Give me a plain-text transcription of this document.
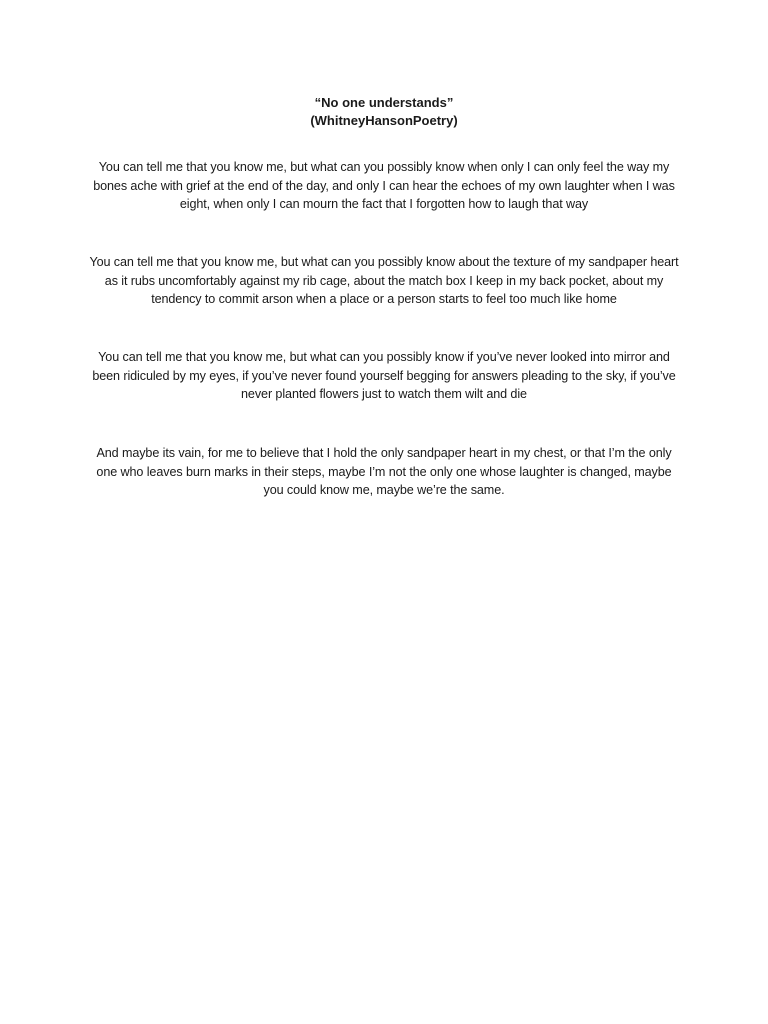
“No one understands”

(WhitneyHansonPoetry)

You can tell me that you know me, but what can you possibly know when only I can only feel the way my bones ache with grief at the end of the day, and only I can hear the echoes of my own laughter when I was eight, when only I can mourn the fact that I forgotten how to laugh that way

You can tell me that you know me, but what can you possibly know about the texture of my sandpaper heart as it rubs uncomfortably against my rib cage, about the match box I keep in my back pocket, about my tendency to commit arson when a place or a person starts to feel too much like home

You can tell me that you know me, but what can you possibly know if you’ve never looked into mirror and been ridiculed by my eyes, if you’ve never found yourself begging for answers pleading to the sky, if you’ve never planted flowers just to watch them wilt and die

And maybe its vain, for me to believe that I hold the only sandpaper heart in my chest, or that I’m the only one who leaves burn marks in their steps, maybe I’m not the only one whose laughter is changed, maybe you could know me, maybe we’re the same.
